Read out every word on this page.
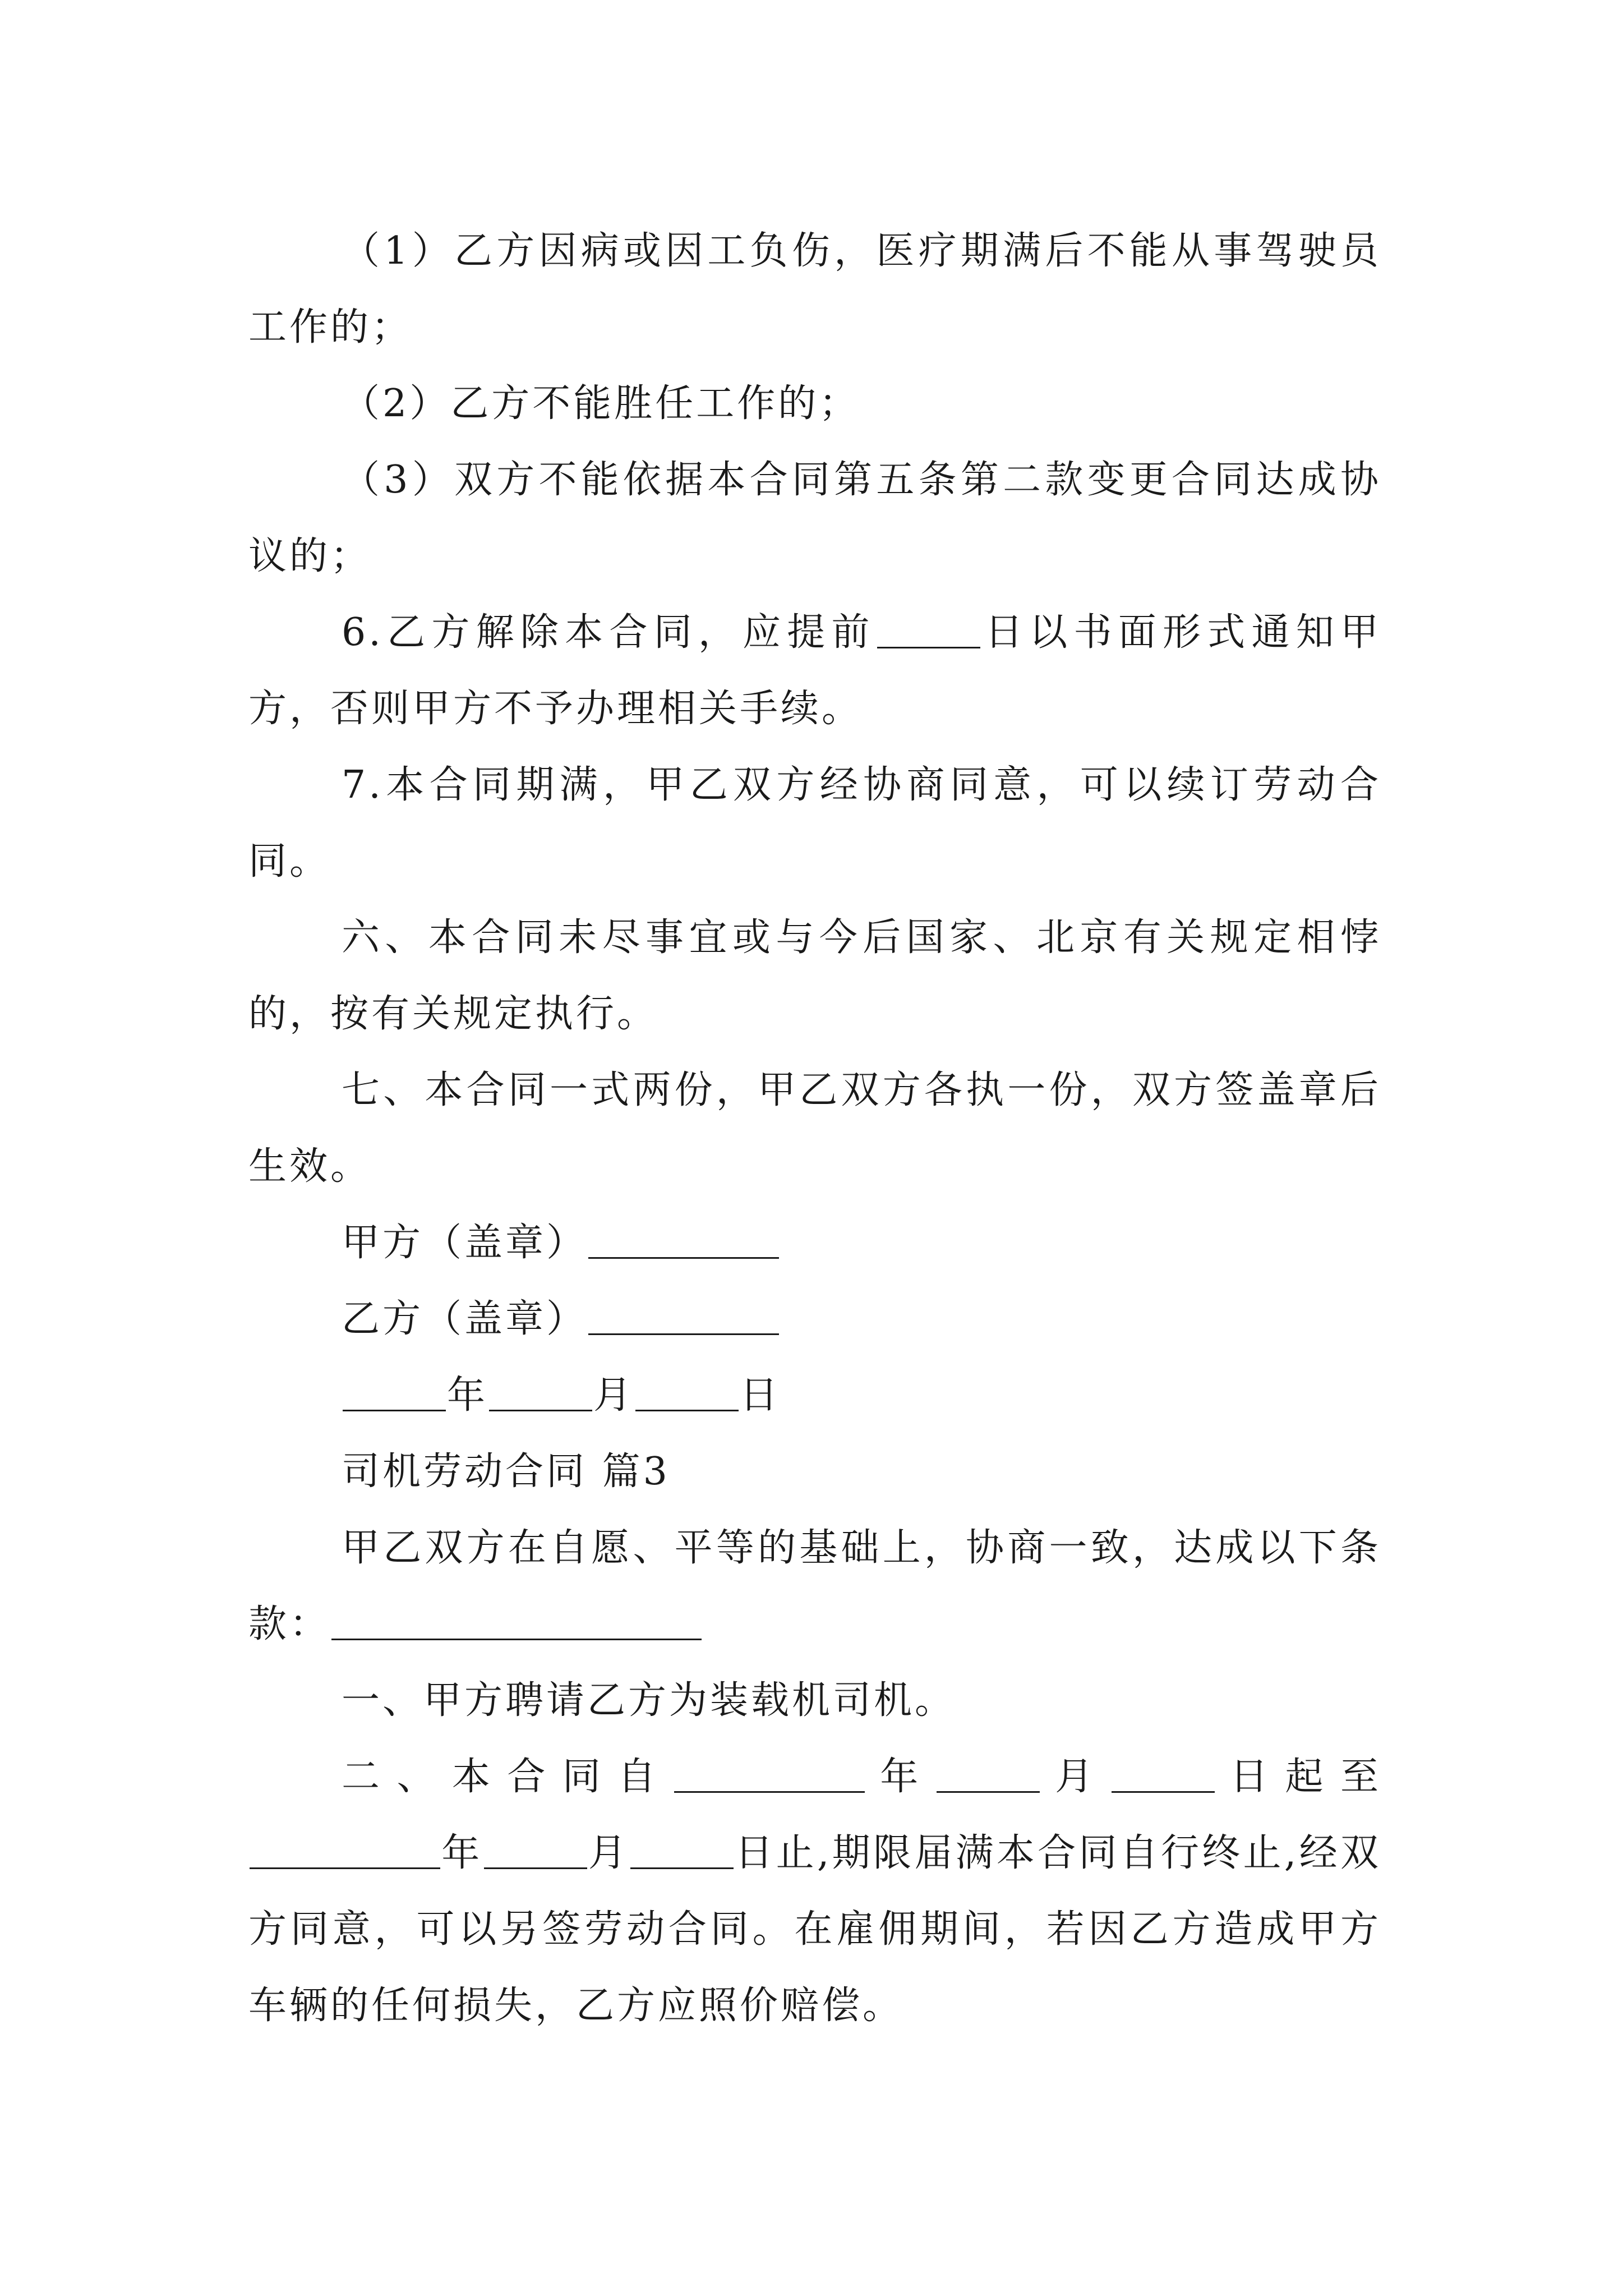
（1）乙方因病或因工负伤，医疗期满后不能从事驾驶员工作的；

（2）乙方不能胜任工作的；

（3）双方不能依据本合同第五条第二款变更合同达成协议的；

6.乙方解除本合同，应提前	日以书面形式通知甲方，否则甲方不予办理相关手续。

7.本合同期满，甲乙双方经协商同意，可以续订劳动合同。

六、本合同未尽事宜或与今后国家、北京有关规定相悖的，按有关规定执行。

七、本合同一式两份，甲乙双方各执一份，双方签盖章后生效。

甲方（盖章）

乙方（盖章）

年	月	日

司机劳动合同 篇3

甲乙双方在自愿、平等的基础上，协商一致，达成以下条款：

一、甲方聘请乙方为装载机司机。

二、本合同自	年	月	日起至年	月	日止,期限届满本合同自行终止,经双方同意，可以另签劳动合同。在雇佣期间，若因乙方造成甲方车辆的任何损失，乙方应照价赔偿。
